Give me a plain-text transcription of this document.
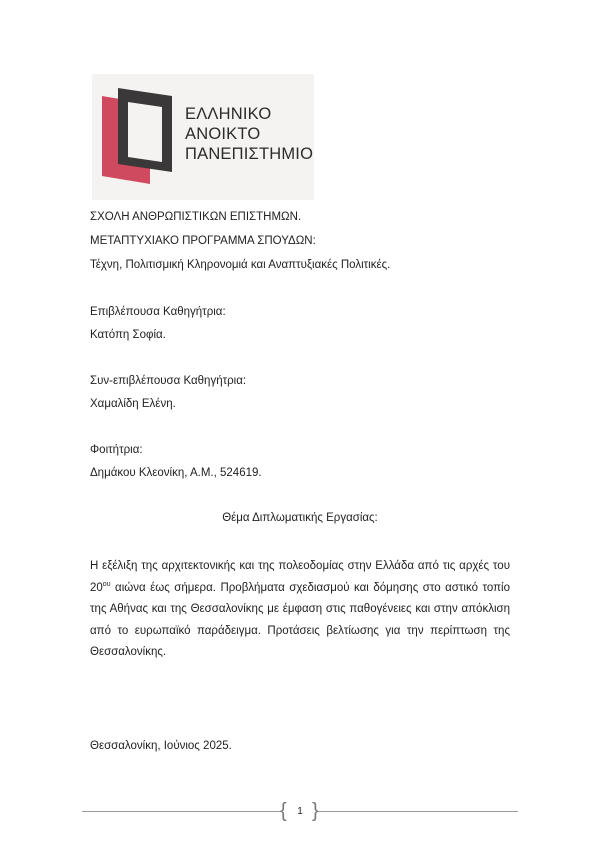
ΕΛΛΗΝΙΚΟ
ΑΝΟΙΚΤΟ
ΠΑΝΕΠΙΣΤΗΜΙΟ
ΣΧΟΛΗ ΑΝΘΡΩΠΙΣΤΙΚΩΝ ΕΠΙΣΤΗΜΩΝ.
ΜΕΤΑΠΤΥΧΙΑΚΟ ΠΡΟΓΡΑΜΜΑ ΣΠΟΥΔΩΝ:
Τέχνη, Πολιτισμική Κληρονομιά και Αναπτυξιακές Πολιτικές.
Επιβλέπουσα Καθηγήτρια:
Κατόπη Σοφία.
Συν-επιβλέπουσα Καθηγήτρια:
Χαμαλίδη Ελένη.
Φοιτήτρια:
Δημάκου Κλεονίκη, Α.Μ., 524619.
Θέμα Διπλωματικής Εργασίας:
Η εξέλιξη της αρχιτεκτονικής και της πολεοδομίας στην Ελλάδα από τις αρχές του $20^{o\upsilon}$ αιώνα έως σήμερα. Προβλήματα σχεδιασμού και δόμησης στο αστικό τοπίο της Αθήνας και της Θεσσαλονίκης με έμφαση στις παθογένειες και στην απόκλιση από το ευρωπαϊκό παράδειγμα. Προτάσεις βελτίωσης για την περίπτωση της Θεσσαλονίκης.
Θεσσαλονίκη, Ιούνιος 2025.
{ }
1
